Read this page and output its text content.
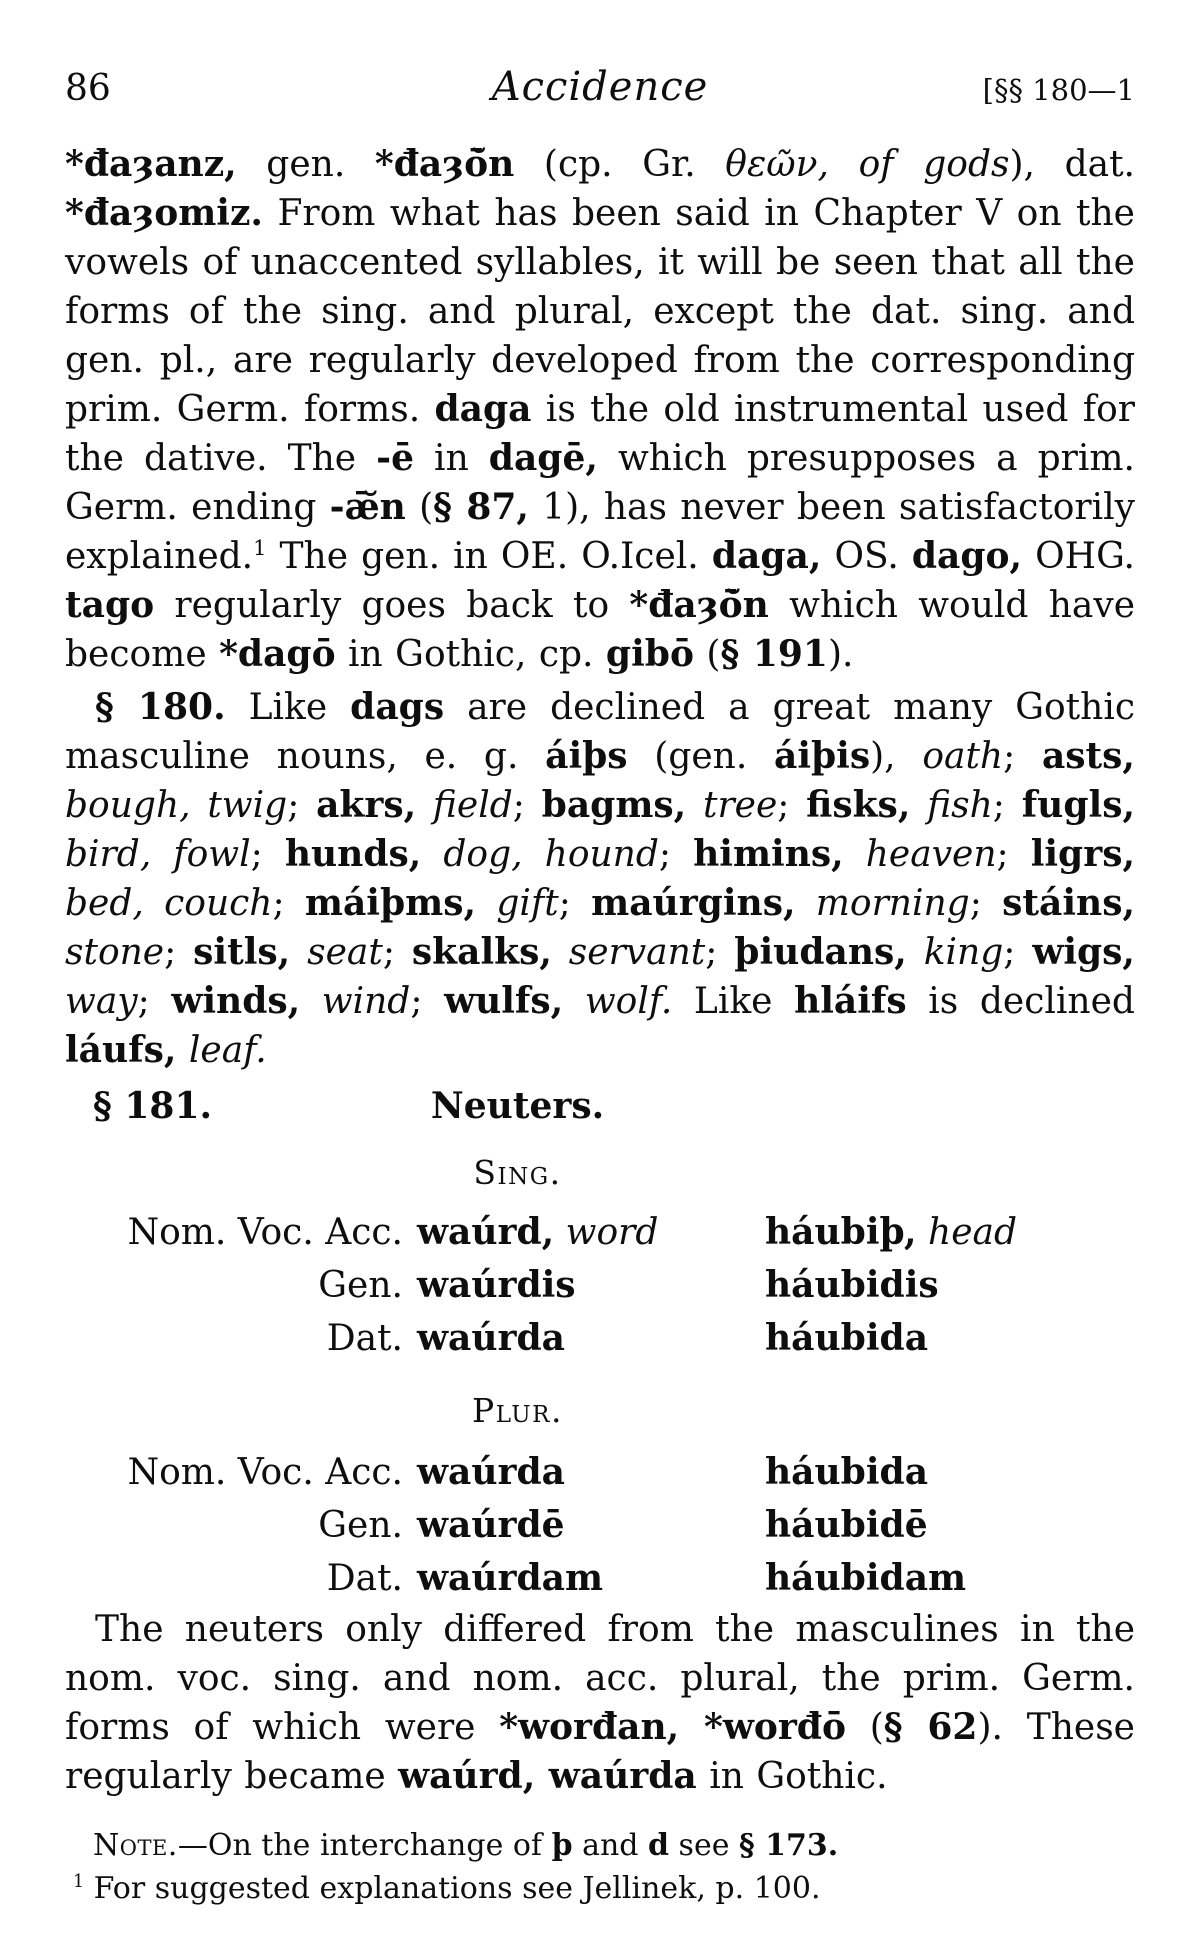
86	Accidence	[§§ 180—1

*đaȝanz, gen. *đaȝō̆n (cp. Gr. θεῶν, of gods), dat. *đaȝomiz. From what has been said in Chapter V on the vowels of unaccented syllables, it will be seen that all the forms of the sing. and plural, except the dat. sing. and gen. pl., are regularly developed from the corresponding prim. Germ. forms. daga is the old instrumental used for the dative. The -ē in dagē, which presupposes a prim. Germ. ending -ǣ̆n (§ 87, 1), has never been satisfactorily explained.$^1$ The gen. in OE. O.Icel. daga, OS. dago, OHG. tago regularly goes back to *đaȝō̆n which would have become *dagō in Gothic, cp. gibō (§ 191).

§ 180. Like dags are declined a great many Gothic masculine nouns, e. g. áiþs (gen. áiþis), oath; asts, bough, twig; akrs, field; bagms, tree; fisks, fish; fugls, bird, fowl; hunds, dog, hound; himins, heaven; ligrs, bed, couch; máiþms, gift; maúrgins, morning; stáins, stone; sitls, seat; skalks, servant; þiudans, king; wigs, way; winds, wind; wulfs, wolf. Like hláifs is declined láufs, leaf.

§ 181.	Neuters.
Sing.
Nom. Voc. Acc. waúrd, word	háubiþ, head
Gen. waúrdis	háubidis
Dat. waúrda	háubida
Plur.
Nom. Voc. Acc. waúrda	háubida
Gen. waúrdē	háubidē
Dat. waúrdam	háubidam

The neuters only differed from the masculines in the nom. voc. sing. and nom. acc. plural, the prim. Germ. forms of which were *worđan, *worđō (§ 62). These regularly became waúrd, waúrda in Gothic.

Note.—On the interchange of þ and d see § 173.

$^1$ For suggested explanations see Jellinek, p. 100.
